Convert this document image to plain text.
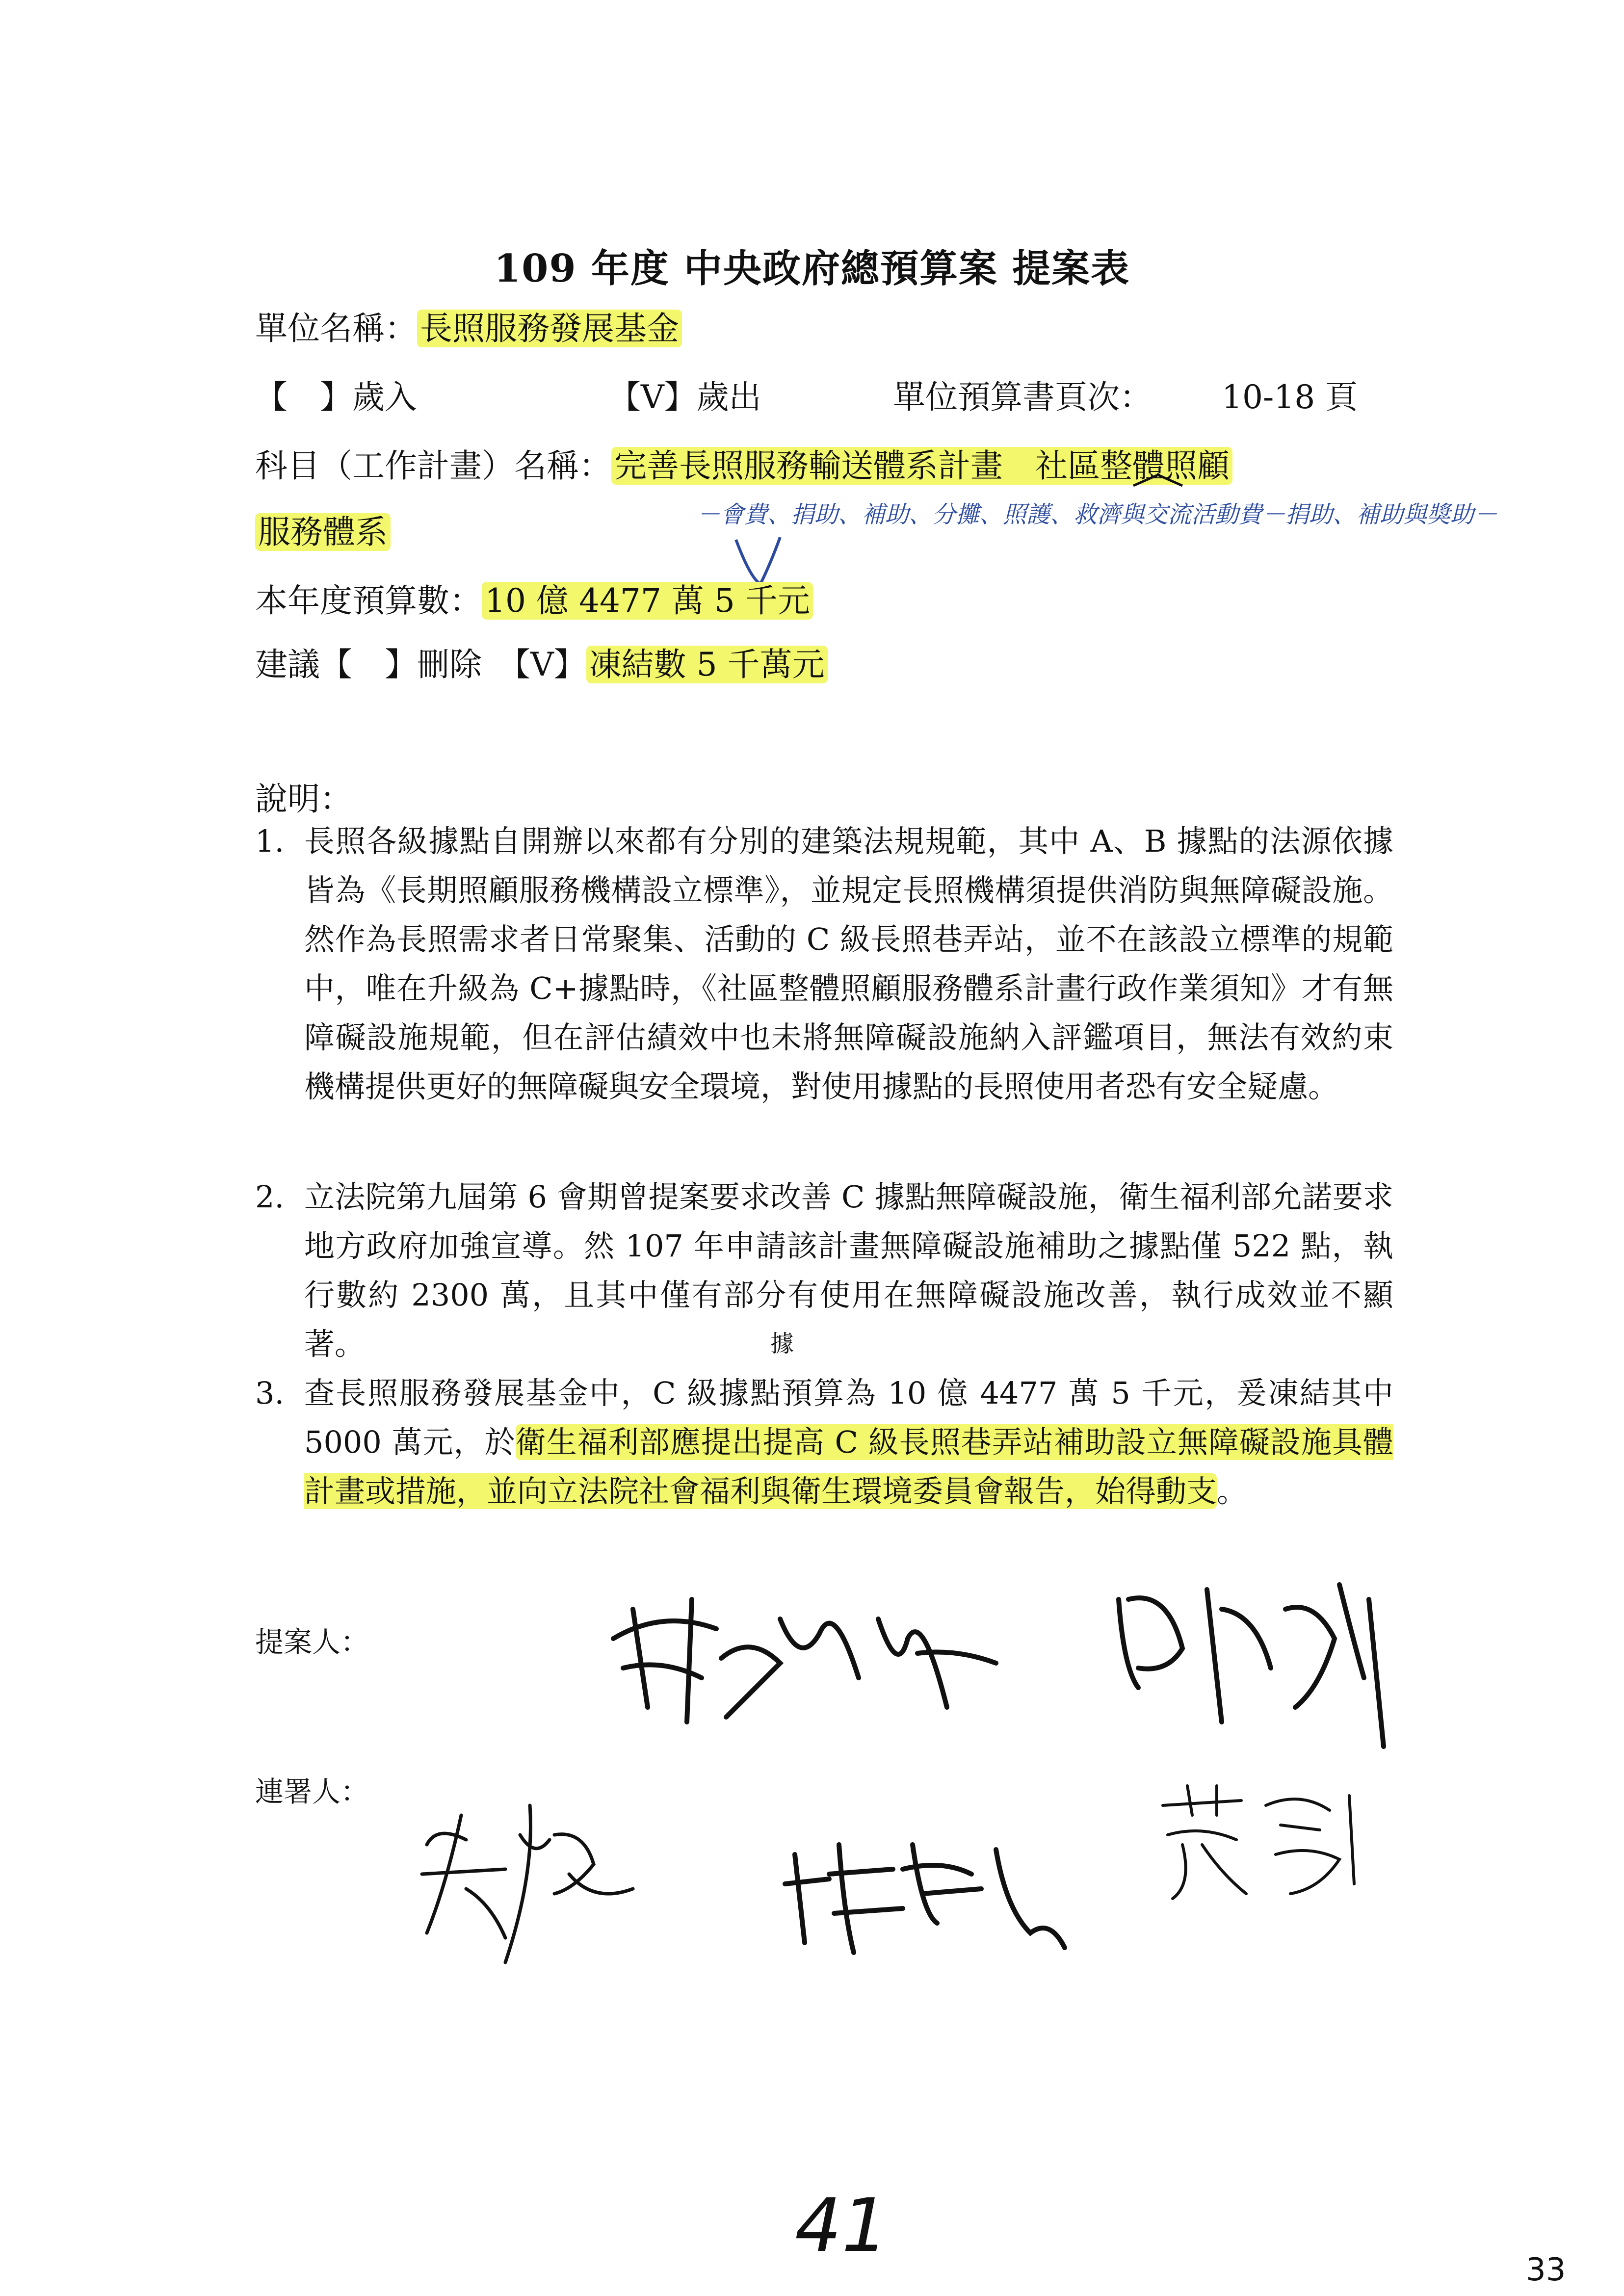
109 年度 中央政府總預算案 提案表
單位名稱：長照服務發展基金
【　】歲入	【V】歲出	單位預算書頁次： 10-18 頁
科目（工作計畫）名稱：完善長照服務輸送體系計畫　 社區整體照顧
服務體系	－會費、捐助、補助、分攤、照護、救濟與交流活動費－捐助、補助與獎助－
本年度預算數：10 億 4477 萬 5 千元
建議【　】刪除　【V】凍結數 5 千萬元
說明：
1. 長照各級據點自開辦以來都有分別的建築法規規範，其中 A、B 據點的法源依據皆為《長期照顧服務機構設立標準》，並規定長照機構須提供消防與無障礙設施。然作為長照需求者日常聚集、活動的 C 級長照巷弄站，並不在該設立標準的規範中，唯在升級為 C+據點時，《社區整體照顧服務體系計畫行政作業須知》才有無障礙設施規範，但在評估績效中也未將無障礙設施納入評鑑項目，無法有效約束機構提供更好的無障礙與安全環境，對使用據點的長照使用者恐有安全疑慮。
2. 立法院第九屆第 6 會期曾提案要求改善 C 據點無障礙設施，衛生福利部允諾要求地方政府加強宣導。然 107 年申請該計畫無障礙設施補助之據點僅 522 點，執行數約 2300 萬，且其中僅有部分有使用在無障礙設施改善，執行成效並不顯著。
3. 查長照服務發展基金中，C 級據點預算為 10 億 4477 萬 5 千元，爰凍結其中 5000 萬元，於衛生福利部應提出提高 C 級長照巷弄站補助設立無障礙設施具體計畫或措施，並向立法院社會福利與衛生環境委員會報告，始得動支。
據
提案人：
連署人：
41
33
